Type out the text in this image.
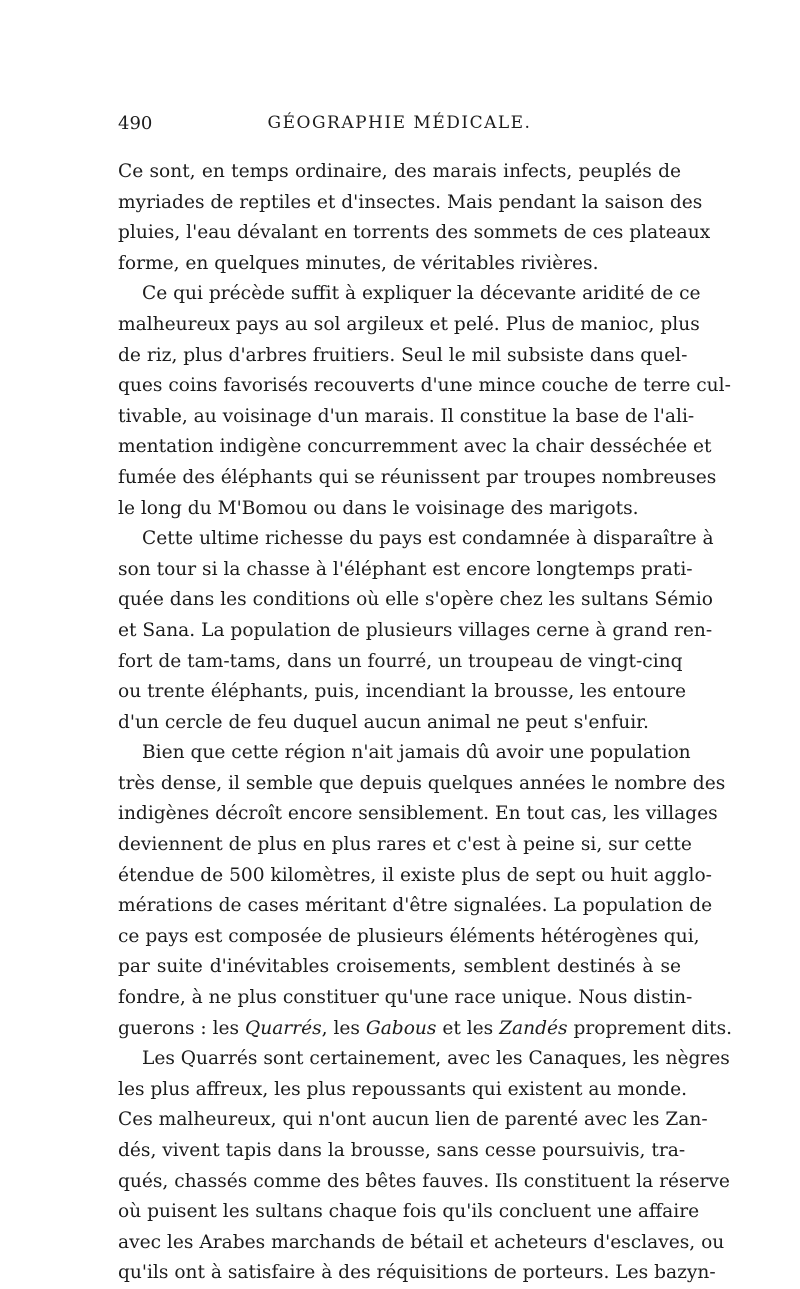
490	GÉOGRAPHIE MÉDICALE.

Ce sont, en temps ordinaire, des marais infects, peuplés de
myriades de reptiles et d'insectes. Mais pendant la saison des
pluies, l'eau dévalant en torrents des sommets de ces plateaux
forme, en quelques minutes, de véritables rivières.

Ce qui précède suffit à expliquer la décevante aridité de ce
malheureux pays au sol argileux et pelé. Plus de manioc, plus
de riz, plus d'arbres fruitiers. Seul le mil subsiste dans quel-
ques coins favorisés recouverts d'une mince couche de terre cul-
tivable, au voisinage d'un marais. Il constitue la base de l'ali-
mentation indigène concurremment avec la chair desséchée et
fumée des éléphants qui se réunissent par troupes nombreuses
le long du M'Bomou ou dans le voisinage des marigots.

Cette ultime richesse du pays est condamnée à disparaître à
son tour si la chasse à l'éléphant est encore longtemps prati-
quée dans les conditions où elle s'opère chez les sultans Sémio
et Sana. La population de plusieurs villages cerne à grand ren-
fort de tam-tams, dans un fourré, un troupeau de vingt-cinq
ou trente éléphants, puis, incendiant la brousse, les entoure
d'un cercle de feu duquel aucun animal ne peut s'enfuir.

Bien que cette région n'ait jamais dû avoir une population
très dense, il semble que depuis quelques années le nombre des
indigènes décroît encore sensiblement. En tout cas, les villages
deviennent de plus en plus rares et c'est à peine si, sur cette
étendue de 500 kilomètres, il existe plus de sept ou huit agglo-
mérations de cases méritant d'être signalées. La population de
ce pays est composée de plusieurs éléments hétérogènes qui,
par suite d'inévitables croisements, semblent destinés à se
fondre, à ne plus constituer qu'une race unique. Nous distin-
guerons : les Quarrés, les Gabous et les Zandés proprement dits.

Les Quarrés sont certainement, avec les Canaques, les nègres
les plus affreux, les plus repoussants qui existent au monde.
Ces malheureux, qui n'ont aucun lien de parenté avec les Zan-
dés, vivent tapis dans la brousse, sans cesse poursuivis, tra-
qués, chassés comme des bêtes fauves. Ils constituent la réserve
où puisent les sultans chaque fois qu'ils concluent une affaire
avec les Arabes marchands de bétail et acheteurs d'esclaves, ou
qu'ils ont à satisfaire à des réquisitions de porteurs. Les bazyn-
